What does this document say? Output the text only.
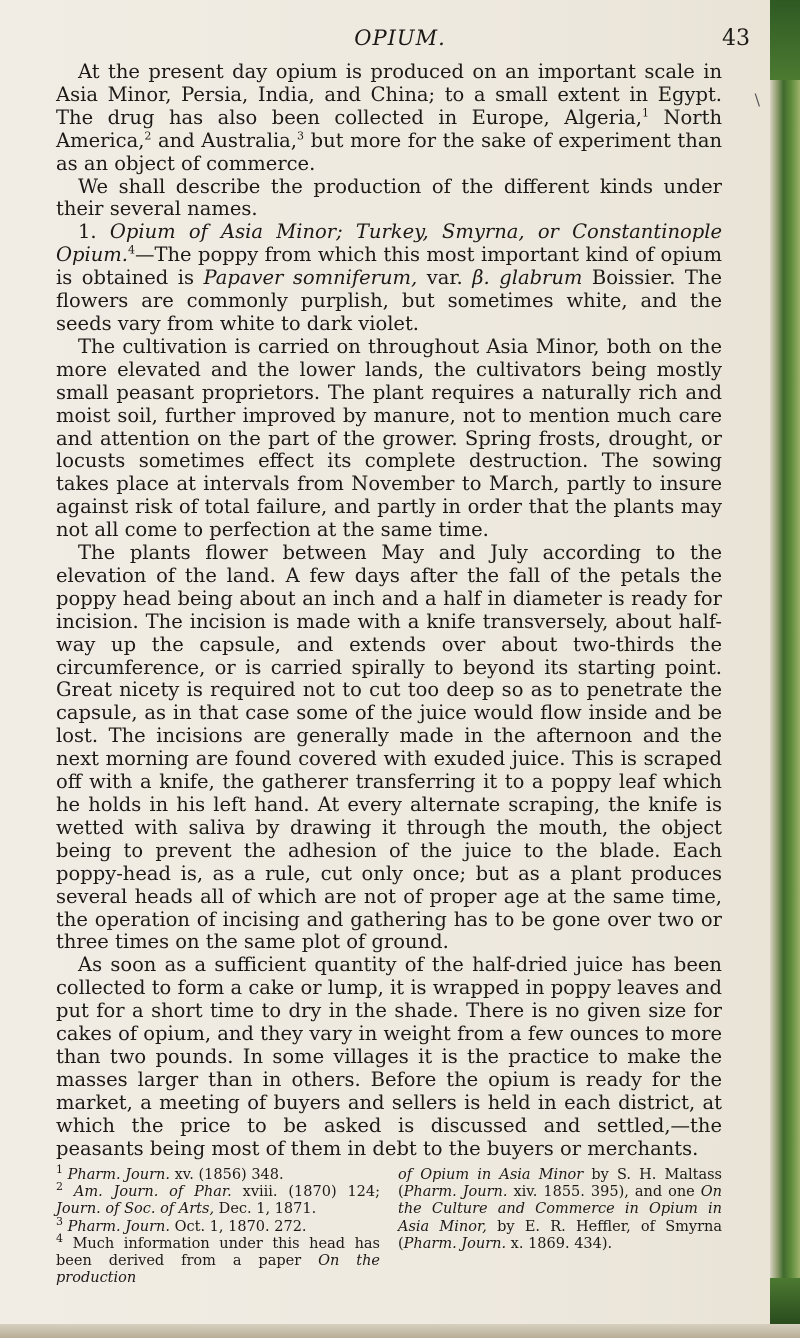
OPIUM.	43

At the present day opium is produced on an important scale in Asia Minor, Persia, India, and China; to a small extent in Egypt. The drug has also been collected in Europe, Algeria,$^1$ North America,$^2$ and Australia,$^3$ but more for the sake of experiment than as an object of commerce.

We shall describe the production of the different kinds under their several names.

1. Opium of Asia Minor; Turkey, Smyrna, or Constantinople Opium.$^4$—The poppy from which this most important kind of opium is obtained is Papaver somniferum, var. β. glabrum Boissier. The flowers are commonly purplish, but sometimes white, and the seeds vary from white to dark violet.

The cultivation is carried on throughout Asia Minor, both on the more elevated and the lower lands, the cultivators being mostly small peasant proprietors. The plant requires a naturally rich and moist soil, further improved by manure, not to mention much care and attention on the part of the grower. Spring frosts, drought, or locusts sometimes effect its complete destruction. The sowing takes place at intervals from November to March, partly to insure against risk of total failure, and partly in order that the plants may not all come to perfection at the same time.

The plants flower between May and July according to the elevation of the land. A few days after the fall of the petals the poppy head being about an inch and a half in diameter is ready for incision. The incision is made with a knife transversely, about half-way up the capsule, and extends over about two-thirds the circumference, or is carried spirally to beyond its starting point. Great nicety is required not to cut too deep so as to penetrate the capsule, as in that case some of the juice would flow inside and be lost. The incisions are generally made in the afternoon and the next morning are found covered with exuded juice. This is scraped off with a knife, the gatherer transferring it to a poppy leaf which he holds in his left hand. At every alternate scraping, the knife is wetted with saliva by drawing it through the mouth, the object being to prevent the adhesion of the juice to the blade. Each poppy-head is, as a rule, cut only once; but as a plant produces several heads all of which are not of proper age at the same time, the operation of incising and gathering has to be gone over two or three times on the same plot of ground.

As soon as a sufficient quantity of the half-dried juice has been collected to form a cake or lump, it is wrapped in poppy leaves and put for a short time to dry in the shade. There is no given size for cakes of opium, and they vary in weight from a few ounces to more than two pounds. In some villages it is the practice to make the masses larger than in others. Before the opium is ready for the market, a meeting of buyers and sellers is held in each district, at which the price to be asked is discussed and settled,—the peasants being most of them in debt to the buyers or merchants.

$^1$ Pharm. Journ. xv. (1856) 348.

$^2$ Am. Journ. of Phar. xviii. (1870) 124; Journ. of Soc. of Arts, Dec. 1, 1871.

$^3$ Pharm. Journ. Oct. 1, 1870. 272.

$^4$ Much information under this head has been derived from a paper On the production

of Opium in Asia Minor by S. H. Maltass (Pharm. Journ. xiv. 1855. 395), and one On the Culture and Commerce in Opium in Asia Minor, by E. R. Heffler, of Smyrna (Pharm. Journ. x. 1869. 434).

\
